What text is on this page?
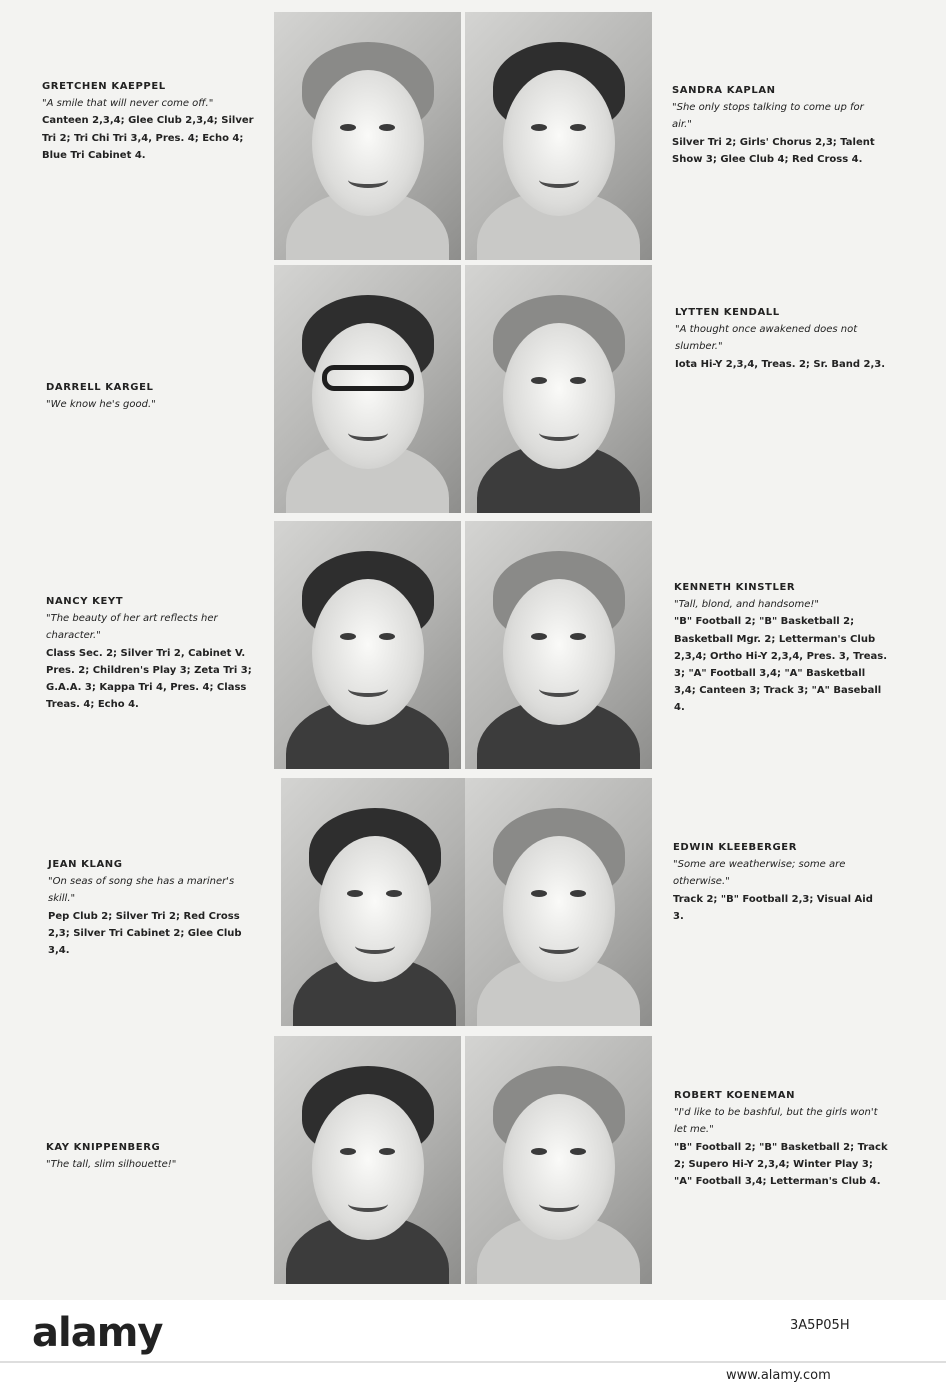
GRETCHEN KAEPPEL
"A smile that will never come off."
Canteen 2,3,4; Glee Club 2,3,4; Silver Tri 2; Tri Chi Tri 3,4, Pres. 4; Echo 4; Blue Tri Cabinet 4.
SANDRA KAPLAN
"She only stops talking to come up for air."
Silver Tri 2; Girls' Chorus 2,3; Talent Show 3; Glee Club 4; Red Cross 4.
DARRELL KARGEL
"We know he's good."
LYTTEN KENDALL
"A thought once awakened does not slumber."
Iota Hi-Y 2,3,4, Treas. 2; Sr. Band 2,3.
NANCY KEYT
"The beauty of her art reflects her character."
Class Sec. 2; Silver Tri 2, Cabinet V. Pres. 2; Children's Play 3; Zeta Tri 3; G.A.A. 3; Kappa Tri 4, Pres. 4; Class Treas. 4; Echo 4.
KENNETH KINSTLER
"Tall, blond, and handsome!"
"B" Football 2; "B" Basketball 2; Basketball Mgr. 2; Letterman's Club 2,3,4; Ortho Hi-Y 2,3,4, Pres. 3, Treas. 3; "A" Football 3,4; "A" Basketball 3,4; Canteen 3; Track 3; "A" Baseball 4.
JEAN KLANG
"On seas of song she has a mariner's skill."
Pep Club 2; Silver Tri 2; Red Cross 2,3; Silver Tri Cabinet 2; Glee Club 3,4.
EDWIN KLEEBERGER
"Some are weatherwise; some are otherwise."
Track 2; "B" Football 2,3; Visual Aid 3.
KAY KNIPPENBERG
"The tall, slim silhouette!"
ROBERT KOENEMAN
"I'd like to be bashful, but the girls won't let me."
"B" Football 2; "B" Basketball 2; Track 2; Supero Hi-Y 2,3,4; Winter Play 3; "A" Football 3,4; Letterman's Club 4.
alamy	3A5P05H
www.alamy.com
